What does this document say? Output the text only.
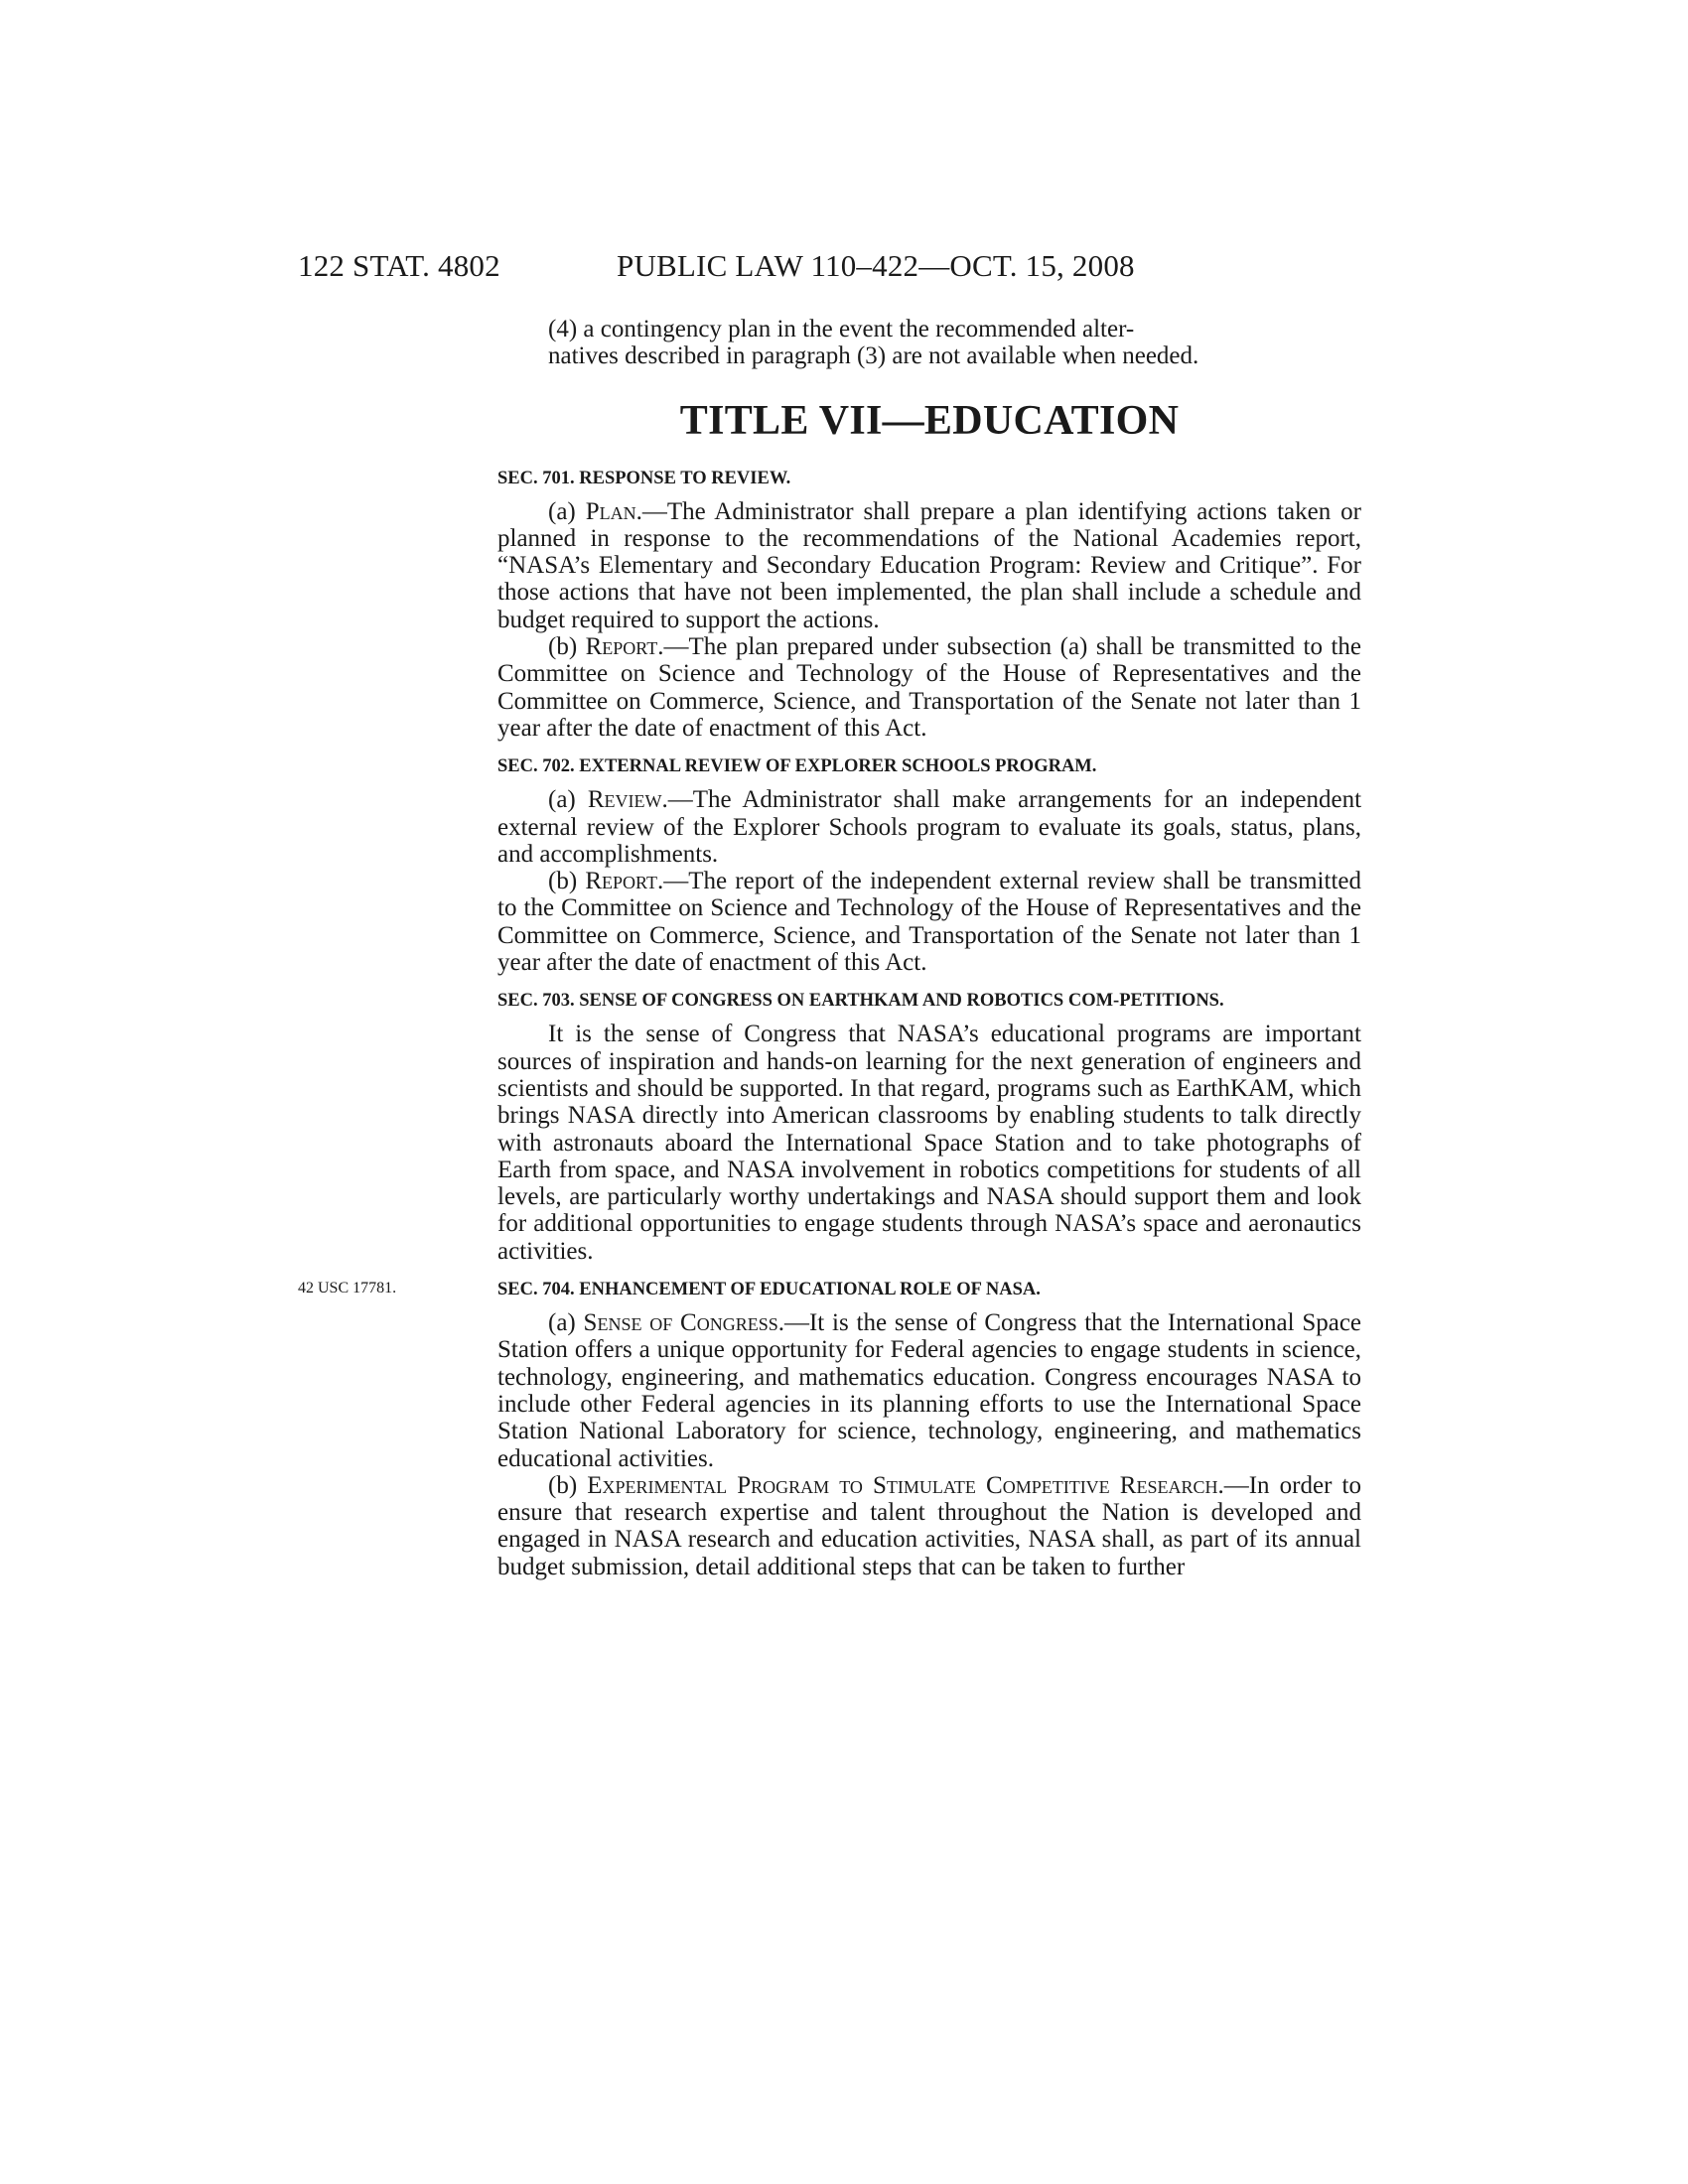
122 STAT. 4802	PUBLIC LAW 110–422—OCT. 15, 2008

(4) a contingency plan in the event the recommended alter-

natives described in paragraph (3) are not available when needed.

TITLE VII—EDUCATION
SEC. 701. RESPONSE TO REVIEW.

(a) Plan.—The Administrator shall prepare a plan identifying actions taken or planned in response to the recommendations of the National Academies report, “NASA’s Elementary and Secondary Education Program: Review and Critique”. For those actions that have not been implemented, the plan shall include a schedule and budget required to support the actions.

(b) Report.—The plan prepared under subsection (a) shall be transmitted to the Committee on Science and Technology of the House of Representatives and the Committee on Commerce, Science, and Transportation of the Senate not later than 1 year after the date of enactment of this Act.

SEC. 702. EXTERNAL REVIEW OF EXPLORER SCHOOLS PROGRAM.

(a) Review.—The Administrator shall make arrangements for an independent external review of the Explorer Schools program to evaluate its goals, status, plans, and accomplishments.

(b) Report.—The report of the independent external review shall be transmitted to the Committee on Science and Technology of the House of Representatives and the Committee on Commerce, Science, and Transportation of the Senate not later than 1 year after the date of enactment of this Act.

SEC. 703. SENSE OF CONGRESS ON EARTHKAM AND ROBOTICS COM-PETITIONS.

It is the sense of Congress that NASA’s educational programs are important sources of inspiration and hands-on learning for the next generation of engineers and scientists and should be supported. In that regard, programs such as EarthKAM, which brings NASA directly into American classrooms by enabling students to talk directly with astronauts aboard the International Space Station and to take photographs of Earth from space, and NASA involvement in robotics competitions for students of all levels, are particularly worthy undertakings and NASA should support them and look for additional opportunities to engage students through NASA’s space and aeronautics activities.

SEC. 704. ENHANCEMENT OF EDUCATIONAL ROLE OF NASA.

(a) Sense of Congress.—It is the sense of Congress that the International Space Station offers a unique opportunity for Federal agencies to engage students in science, technology, engineering, and mathematics education. Congress encourages NASA to include other Federal agencies in its planning efforts to use the International Space Station National Laboratory for science, technology, engineering, and mathematics educational activities.

(b) Experimental Program to Stimulate Competitive Research.—In order to ensure that research expertise and talent throughout the Nation is developed and engaged in NASA research and education activities, NASA shall, as part of its annual budget submission, detail additional steps that can be taken to further

42 USC 17781.
